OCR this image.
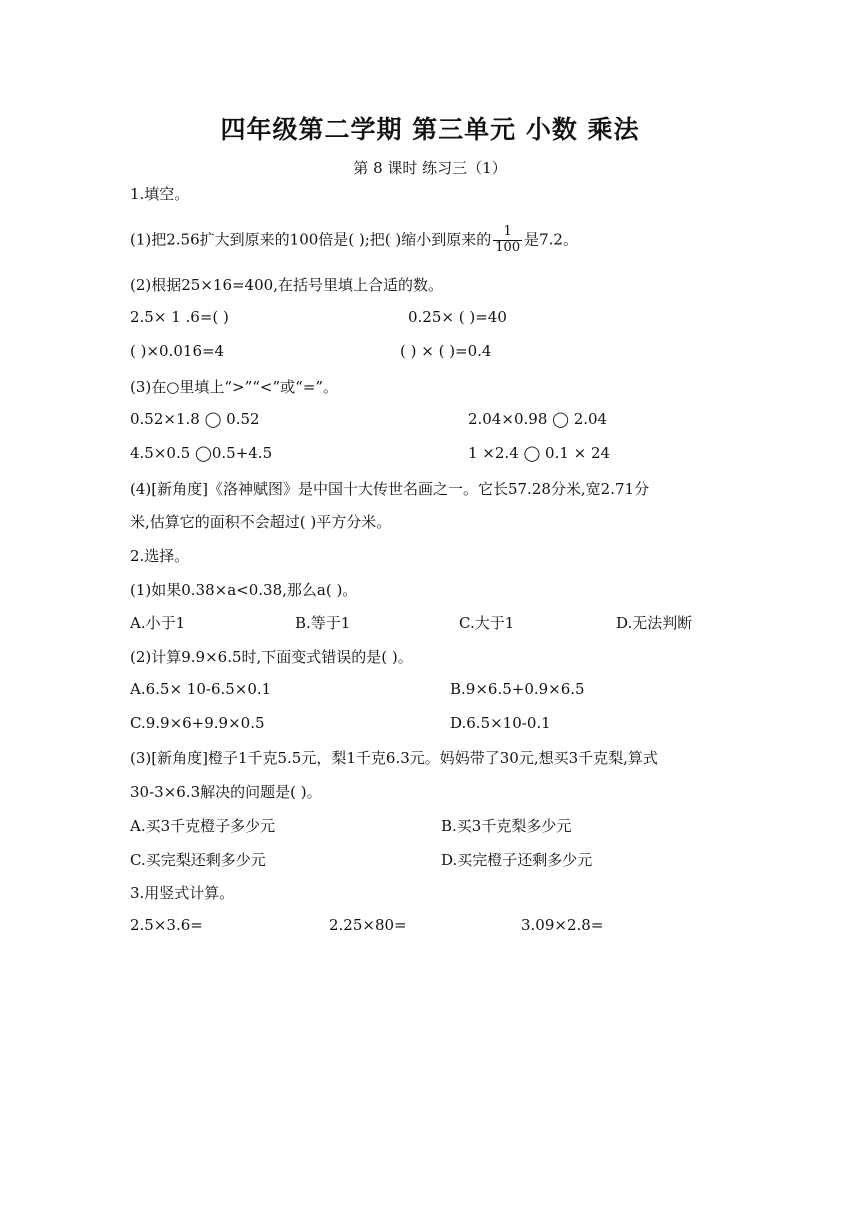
四年级第二学期 第三单元 小数 乘法
第 8 课时 练习三（1）
1.填空。
(1)把2.56扩大到原来的100倍是( );把( )缩小到原来的 $\frac{1}{100}$ 是7.2。
(2)根据25×16=400,在括号里填上合适的数。
2.5× 1 .6=( )	0.25× ( )=40
( )×0.016=4	( ) × ( )=0.4
(3)在○里填上“>”“<”或“=”。
0.52×1.8 ◯ 0.52	2.04×0.98 ◯ 2.04
4.5×0.5 ◯0.5+4.5	1 ×2.4 ◯ 0.1 × 24
(4)[新角度]《洛神赋图》是中国十大传世名画之一。它长57.28分米,宽2.71分
米,估算它的面积不会超过( )平方分米。
2.选择。
(1)如果0.38×a<0.38,那么a( )。
A.小于1	B.等于1	C.大于1	D.无法判断
(2)计算9.9×6.5时,下面变式错误的是( )。
A.6.5× 10-6.5×0.1	B.9×6.5+0.9×6.5
C.9.9×6+9.9×0.5	D.6.5×10-0.1
(3)[新角度]橙子1千克5.5元，梨1千克6.3元。妈妈带了30元,想买3千克梨,算式
30-3×6.3解决的问题是( )。
A.买3千克橙子多少元	B.买3千克梨多少元
C.买完梨还剩多少元	D.买完橙子还剩多少元
3.用竖式计算。
2.5×3.6=	2.25×80=	3.09×2.8=
